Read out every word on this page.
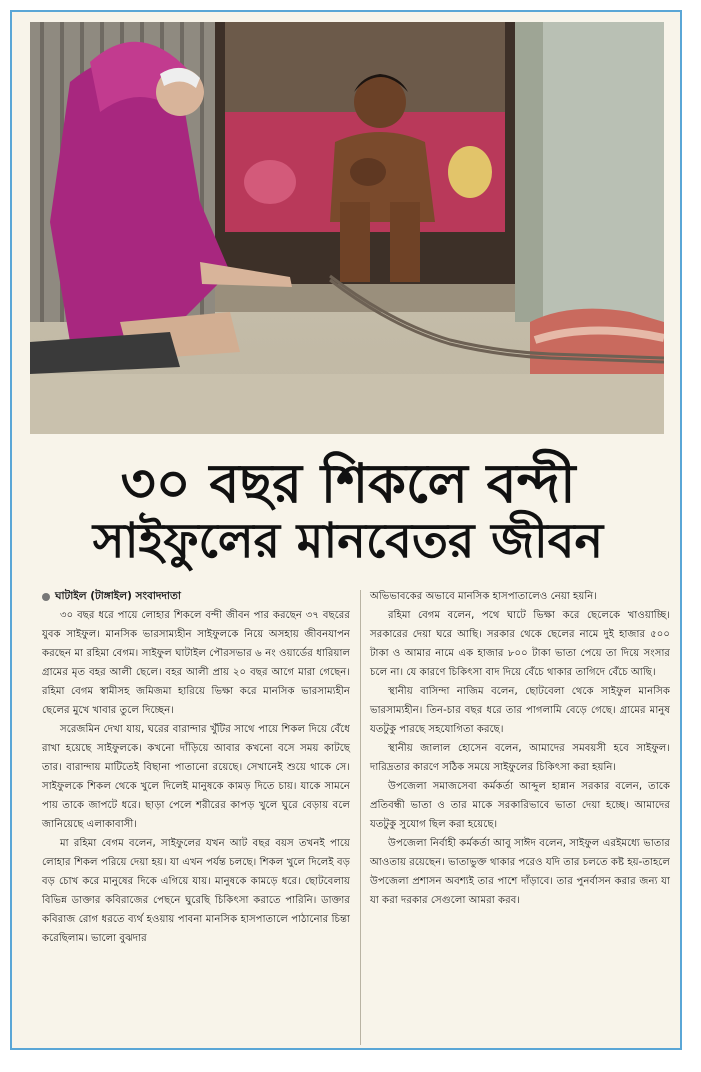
৩০ বছর শিকলে বন্দী
সাইফুলের মানবেতর জীবন
ঘাটাইল (টাঙ্গাইল) সংবাদদাতা

৩০ বছর ধরে পায়ে লোহার শিকলে বন্দী জীবন পার করছেন ৩৭ বছরের যুবক সাইফুল। মানসিক ভারসাম্যহীন সাইফুলকে নিয়ে অসহায় জীবনযাপন করছেন মা রহিমা বেগম। সাইফুল ঘাটাইল পৌরসভার ৬ নং ওয়ার্ডের ধারিয়াল গ্রামের মৃত বহর আলী ছেলে। বহর আলী প্রায় ২০ বছর আগে মারা গেছেন। রহিমা বেগম স্বামীসহ জমিজমা হারিয়ে ভিক্ষা করে মানসিক ভারসাম্যহীন ছেলের মুখে খাবার তুলে দিচ্ছেন।

সরেজমিন দেখা যায়, ঘরের বারান্দার খুঁটির সাথে পায়ে শিকল দিয়ে বেঁধে রাখা হয়েছে সাইফুলকে। কখনো দাঁড়িয়ে আবার কখনো বসে সময় কাটছে তার। বারান্দায় মাটিতেই বিছানা পাতানো রয়েছে। সেখানেই শুয়ে থাকে সে। সাইফুলকে শিকল থেকে খুলে দিলেই মানুষকে কামড় দিতে চায়। যাকে সামনে পায় তাকে জাপটে ধরে। ছাড়া পেলে শরীরের কাপড় খুলে ঘুরে বেড়ায় বলে জানিয়েছে এলাকাবাসী।

মা রহিমা বেগম বলেন, সাইফুলের যখন আট বছর বয়স তখনই পায়ে লোহার শিকল পরিয়ে দেয়া হয়। যা এখন পর্যন্ত চলছে। শিকল খুলে দিলেই বড় বড় চোখ করে মানুষের দিকে এগিয়ে যায়। মানুষকে কামড়ে ধরে। ছোটবেলায় বিভিন্ন ডাক্তার কবিরাজের পেছনে ঘুরেছি চিকিৎসা করাতে পারিনি। ডাক্তার কবিরাজ রোগ ধরতে ব্যর্থ হওয়ায় পাবনা মানসিক হাসপাতালে পাঠানোর চিন্তা করেছিলাম। ভালো বুঝদার

অভিভাবকের অভাবে মানসিক হাসপাতালেও নেয়া হয়নি।

রহিমা বেগম বলেন, পথে ঘাটে ভিক্ষা করে ছেলেকে খাওয়াচ্ছি। সরকারের দেয়া ঘরে আছি। সরকার থেকে ছেলের নামে দুই হাজার ৫০০ টাকা ও আমার নামে এক হাজার ৮০০ টাকা ভাতা পেয়ে তা দিয়ে সংসার চলে না। যে কারণে চিকিৎসা বাদ দিয়ে বেঁচে থাকার তাগিদে বেঁচে আছি।

স্থানীয় বাসিন্দা নাজিম বলেন, ছোটবেলা থেকে সাইফুল মানসিক ভারসাম্যহীন। তিন-চার বছর ধরে তার পাগলামি বেড়ে গেছে। গ্রামের মানুষ যতটুকু পারছে সহযোগিতা করছে।

স্থানীয় জালাল হোসেন বলেন, আমাদের সমবয়সী হবে সাইফুল। দারিদ্রতার কারণে সঠিক সময়ে সাইফুলের চিকিৎসা করা হয়নি।

উপজেলা সমাজসেবা কর্মকর্তা আব্দুল হান্নান সরকার বলেন, তাকে প্রতিবন্ধী ভাতা ও তার মাকে সরকারিভাবে ভাতা দেয়া হচ্ছে। আমাদের যতটুকু সুযোগ ছিল করা হয়েছে।

উপজেলা নির্বাহী কর্মকর্তা আবু সাঈদ বলেন, সাইফুল এরইমধ্যে ভাতার আওতায় রয়েছেন। ভাতাভুক্ত থাকার পরেও যদি তার চলতে কষ্ট হয়-তাহলে উপজেলা প্রশাসন অবশ্যই তার পাশে দাঁড়াবে। তার পুনর্বাসন করার জন্য যা যা করা দরকার সেগুলো আমরা করব।
